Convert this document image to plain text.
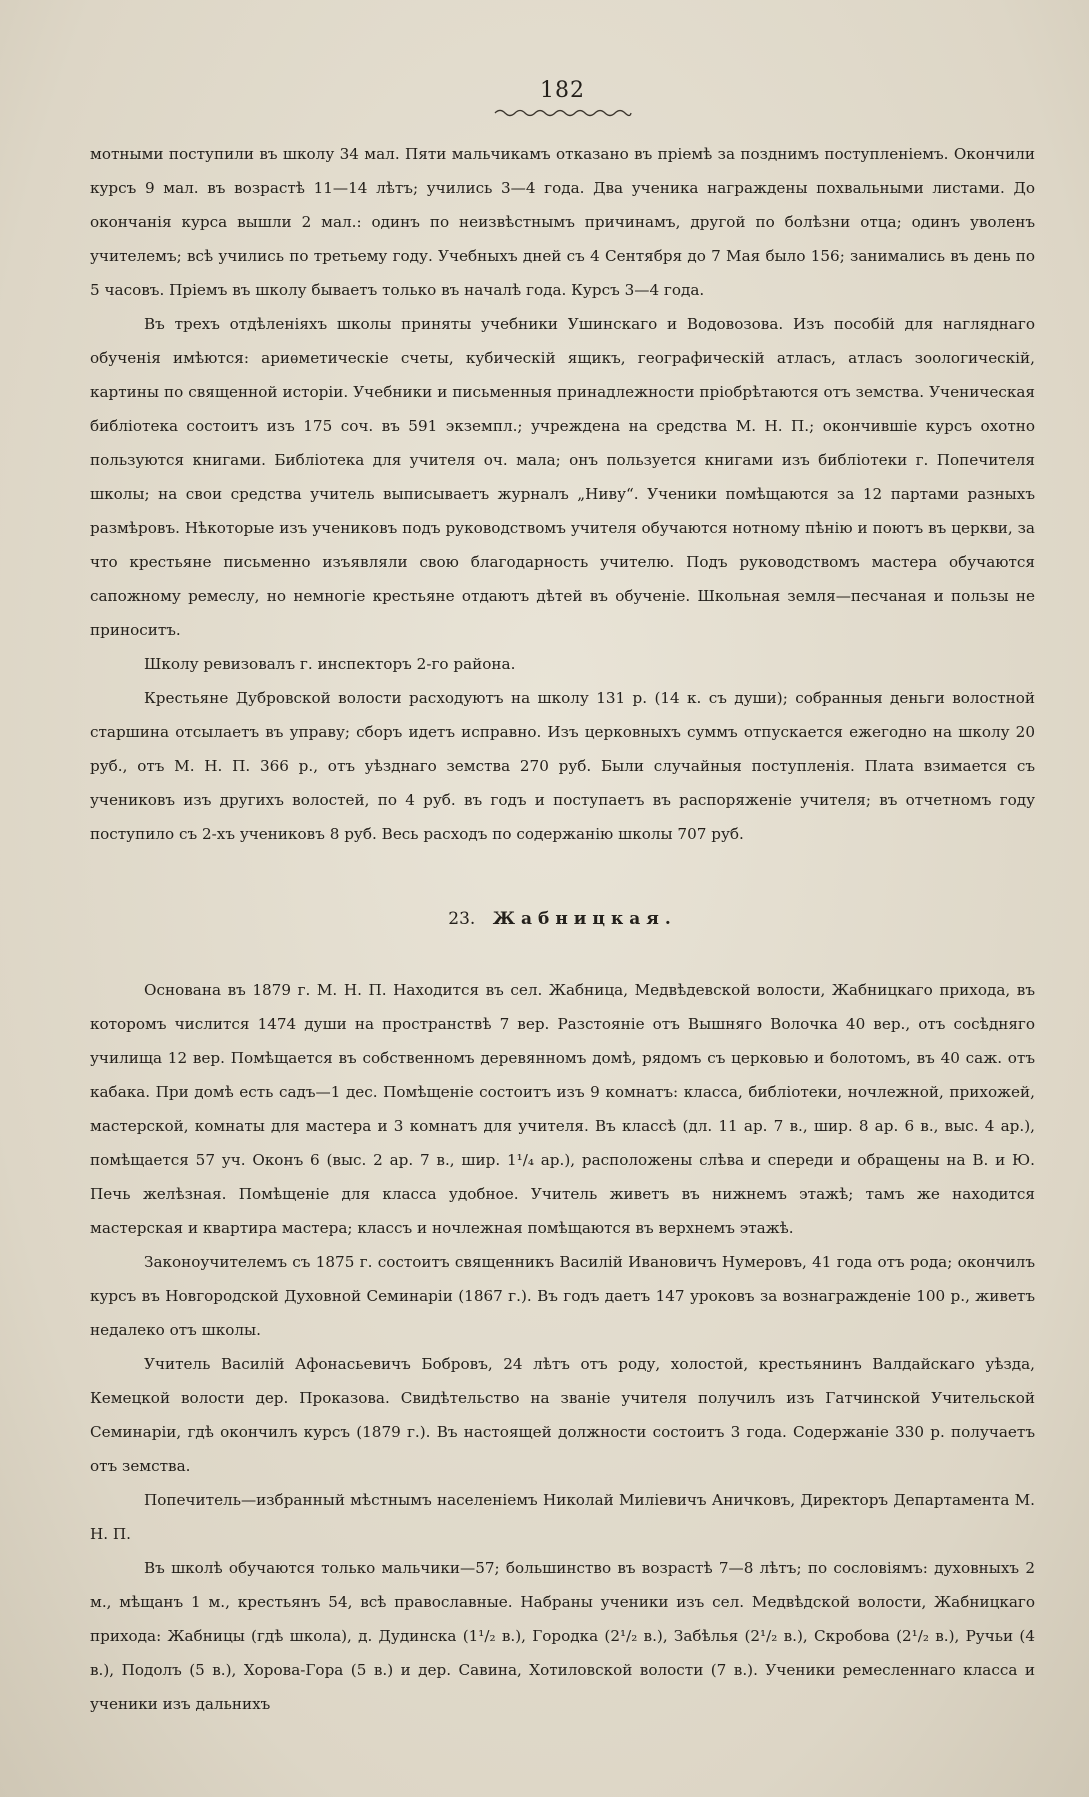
182

мотными поступили въ школу 34 мал. Пяти мальчикамъ отказано въ пріемѣ за позднимъ поступленіемъ. Окончили курсъ 9 мал. въ возрастѣ 11—14 лѣтъ; учились 3—4 года. Два ученика награждены похвальными листами. До окончанія курса вышли 2 мал.: одинъ по неизвѣстнымъ причинамъ, другой по болѣзни отца; одинъ уволенъ учителемъ; всѣ учились по третьему году. Учебныхъ дней съ 4 Сентября до 7 Мая было 156; занимались въ день по 5 часовъ. Пріемъ въ школу бываетъ только въ началѣ года. Курсъ 3—4 года.

Въ трехъ отдѣленіяхъ школы приняты учебники Ушинскаго и Водовозова. Изъ пособій для нагляднаго обученія имѣются: ариѳметическіе счеты, кубическій ящикъ, географическій атласъ, атласъ зоологическій, картины по священной исторіи. Учебники и письменныя принадлежности пріобрѣтаются отъ земства. Ученическая библіотека состоитъ изъ 175 соч. въ 591 экземпл.; учреждена на средства М. Н. П.; окончившіе курсъ охотно пользуются книгами. Библіотека для учителя оч. мала; онъ пользуется книгами изъ библіотеки г. Попечителя школы; на свои средства учитель выписываетъ журналъ „Ниву“. Ученики помѣщаются за 12 партами разныхъ размѣровъ. Нѣкоторые изъ учениковъ подъ руководствомъ учителя обучаются нотному пѣнію и поютъ въ церкви, за что крестьяне письменно изъявляли свою благодарность учителю. Подъ руководствомъ мастера обучаются сапожному ремеслу, но немногіе крестьяне отдаютъ дѣтей въ обученіе. Школьная земля—песчаная и пользы не приноситъ.

Школу ревизовалъ г. инспекторъ 2-го района.

Крестьяне Дубровской волости расходуютъ на школу 131 р. (14 к. съ души); собранныя деньги волостной старшина отсылаетъ въ управу; сборъ идетъ исправно. Изъ церковныхъ суммъ отпускается ежегодно на школу 20 руб., отъ М. Н. П. 366 р., отъ уѣзднаго земства 270 руб. Были случайныя поступленія. Плата взимается съ учениковъ изъ другихъ волостей, по 4 руб. въ годъ и поступаетъ въ распоряженіе учителя; въ отчетномъ году поступило съ 2-хъ учениковъ 8 руб. Весь расходъ по содержанію школы 707 руб.

23. Жабницкая.

Основана въ 1879 г. М. Н. П. Находится въ сел. Жабница, Медвѣдевской волости, Жабницкаго прихода, въ которомъ числится 1474 души на пространствѣ 7 вер. Разстояніе отъ Вышняго Волочка 40 вер., отъ сосѣдняго училища 12 вер. Помѣщается въ собственномъ деревянномъ домѣ, рядомъ съ церковью и болотомъ, въ 40 саж. отъ кабака. При домѣ есть садъ—1 дес. Помѣщеніе состоитъ изъ 9 комнатъ: класса, библіотеки, ночлежной, прихожей, мастерской, комнаты для мастера и 3 комнатъ для учителя. Въ классѣ (дл. 11 ар. 7 в., шир. 8 ар. 6 в., выс. 4 ар.), помѣщается 57 уч. Оконъ 6 (выс. 2 ар. 7 в., шир. 1¹/₄ ар.), расположены слѣва и спереди и обращены на В. и Ю. Печь желѣзная. Помѣщеніе для класса удобное. Учитель живетъ въ нижнемъ этажѣ; тамъ же находится мастерская и квартира мастера; классъ и ночлежная помѣщаются въ верхнемъ этажѣ.

Законоучителемъ съ 1875 г. состоитъ священникъ Василій Ивановичъ Нумеровъ, 41 года отъ рода; окончилъ курсъ въ Новгородской Духовной Семинаріи (1867 г.). Въ годъ даетъ 147 уроковъ за вознагражденіе 100 р., живетъ недалеко отъ школы.

Учитель Василій Афонасьевичъ Бобровъ, 24 лѣтъ отъ роду, холостой, крестьянинъ Валдайскаго уѣзда, Кемецкой волости дер. Проказова. Свидѣтельство на званіе учителя получилъ изъ Гатчинской Учительской Семинаріи, гдѣ окончилъ курсъ (1879 г.). Въ настоящей должности состоитъ 3 года. Содержаніе 330 р. получаетъ отъ земства.

Попечитель—избранный мѣстнымъ населеніемъ Николай Милiевичъ Аничковъ, Директоръ Департамента М. Н. П.

Въ школѣ обучаются только мальчики—57; большинство въ возрастѣ 7—8 лѣтъ; по сословіямъ: духовныхъ 2 м., мѣщанъ 1 м., крестьянъ 54, всѣ православные. Набраны ученики изъ сел. Медвѣдской волости, Жабницкаго прихода: Жабницы (гдѣ школа), д. Дудинска (1¹/₂ в.), Городка (2¹/₂ в.), Забѣлья (2¹/₂ в.), Скробова (2¹/₂ в.), Ручьи (4 в.), Подолъ (5 в.), Хорова-Гора (5 в.) и дер. Савина, Хотиловской волости (7 в.). Ученики ремесленнаго класса и ученики изъ дальнихъ
